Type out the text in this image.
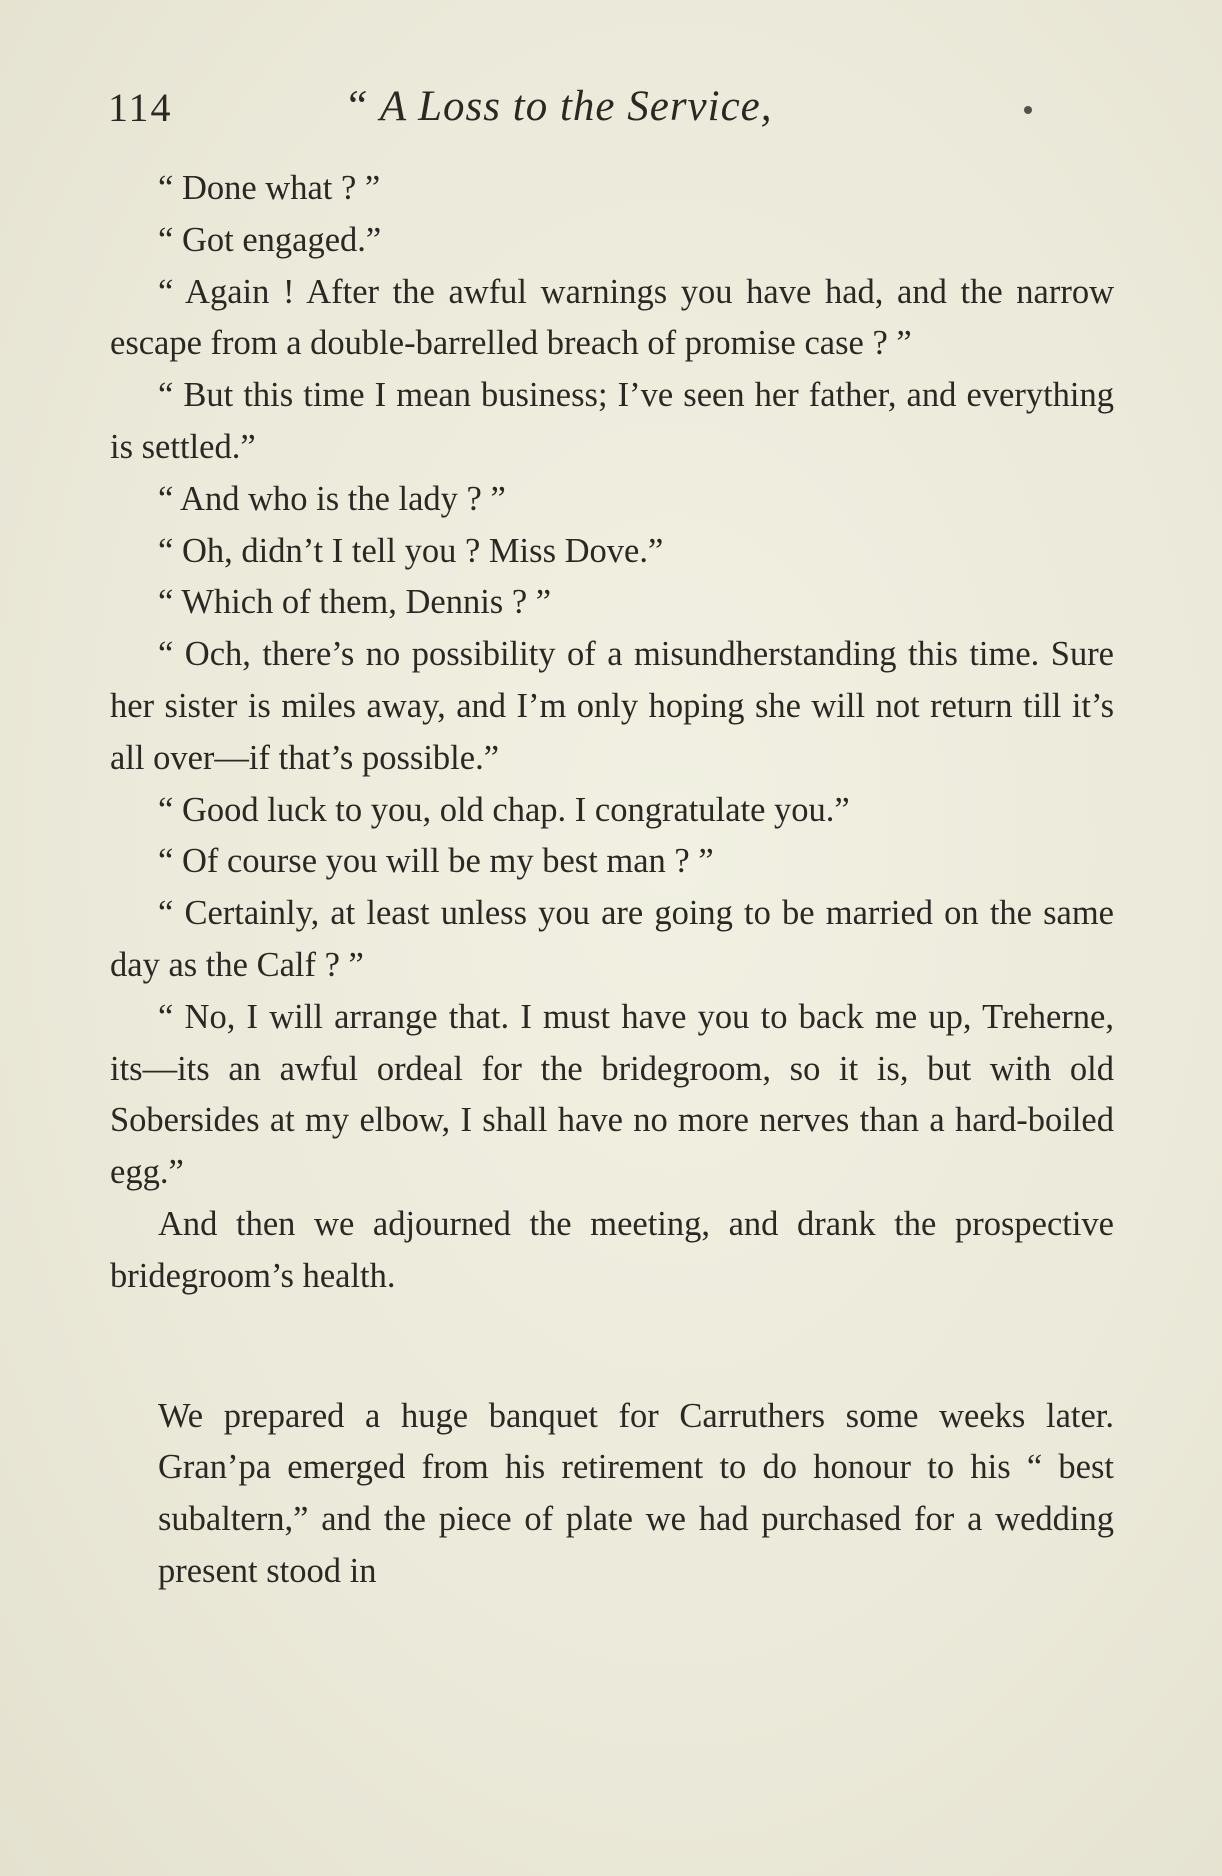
114	“ A Loss to the Service,

“ Done what ? ”

“ Got engaged.”

“ Again ! After the awful warnings you have had, and the narrow escape from a double-barrelled breach of promise case ? ”

“ But this time I mean business; I’ve seen her father, and everything is settled.”

“ And who is the lady ? ”

“ Oh, didn’t I tell you ? Miss Dove.”

“ Which of them, Dennis ? ”

“ Och, there’s no possibility of a misundherstanding this time. Sure her sister is miles away, and I’m only hoping she will not return till it’s all over—if that’s possible.”

“ Good luck to you, old chap. I congratulate you.”

“ Of course you will be my best man ? ”

“ Certainly, at least unless you are going to be married on the same day as the Calf ? ”

“ No, I will arrange that. I must have you to back me up, Treherne, its—its an awful ordeal for the bridegroom, so it is, but with old Sobersides at my elbow, I shall have no more nerves than a hard-boiled egg.”

And then we adjourned the meeting, and drank the prospective bridegroom’s health.

We prepared a huge banquet for Carruthers some weeks later. Gran’pa emerged from his retirement to do honour to his “ best subaltern,” and the piece of plate we had purchased for a wedding present stood in
